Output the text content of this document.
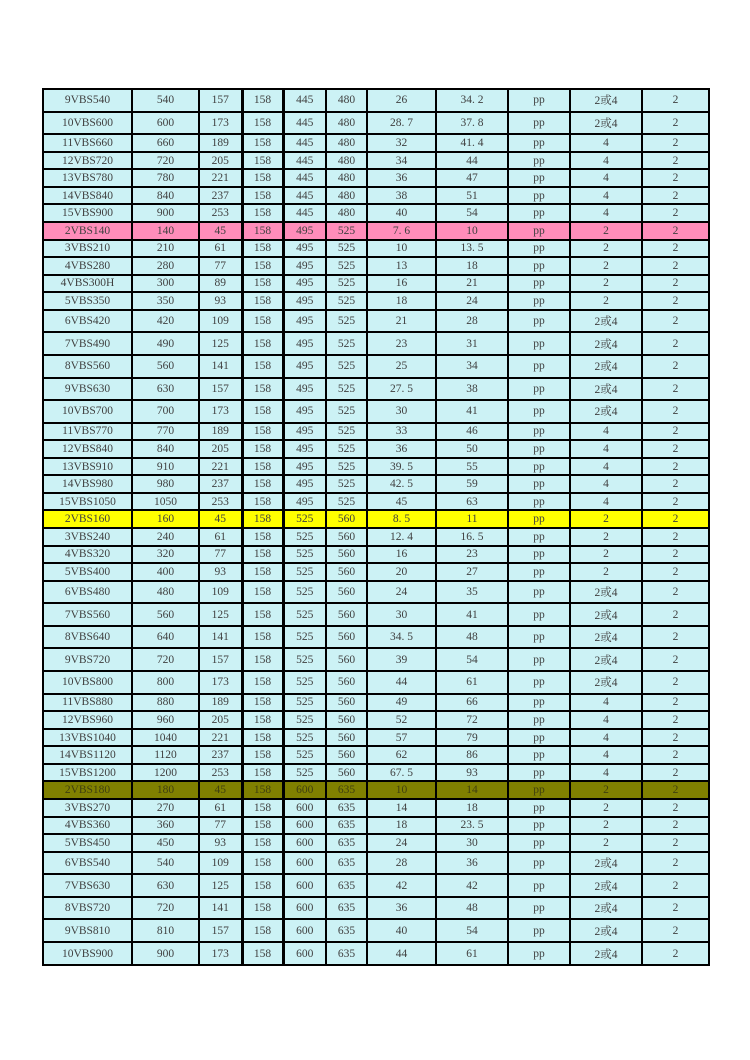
9VBS540	540	157	158	445	480	26	34. 2	pp	2或4	2
10VBS600	600	173	158	445	480	28. 7	37. 8	pp	2或4	2
11VBS660	660	189	158	445	480	32	41. 4	pp	4	2
12VBS720	720	205	158	445	480	34	44	pp	4	2
13VBS780	780	221	158	445	480	36	47	pp	4	2
14VBS840	840	237	158	445	480	38	51	pp	4	2
15VBS900	900	253	158	445	480	40	54	pp	4	2
2VBS140	140	45	158	495	525	7. 6	10	pp	2	2
3VBS210	210	61	158	495	525	10	13. 5	pp	2	2
4VBS280	280	77	158	495	525	13	18	pp	2	2
4VBS300H	300	89	158	495	525	16	21	pp	2	2
5VBS350	350	93	158	495	525	18	24	pp	2	2
6VBS420	420	109	158	495	525	21	28	pp	2或4	2
7VBS490	490	125	158	495	525	23	31	pp	2或4	2
8VBS560	560	141	158	495	525	25	34	pp	2或4	2
9VBS630	630	157	158	495	525	27. 5	38	pp	2或4	2
10VBS700	700	173	158	495	525	30	41	pp	2或4	2
11VBS770	770	189	158	495	525	33	46	pp	4	2
12VBS840	840	205	158	495	525	36	50	pp	4	2
13VBS910	910	221	158	495	525	39. 5	55	pp	4	2
14VBS980	980	237	158	495	525	42. 5	59	pp	4	2
15VBS1050	1050	253	158	495	525	45	63	pp	4	2
2VBS160	160	45	158	525	560	8. 5	11	pp	2	2
3VBS240	240	61	158	525	560	12. 4	16. 5	pp	2	2
4VBS320	320	77	158	525	560	16	23	pp	2	2
5VBS400	400	93	158	525	560	20	27	pp	2	2
6VBS480	480	109	158	525	560	24	35	pp	2或4	2
7VBS560	560	125	158	525	560	30	41	pp	2或4	2
8VBS640	640	141	158	525	560	34. 5	48	pp	2或4	2
9VBS720	720	157	158	525	560	39	54	pp	2或4	2
10VBS800	800	173	158	525	560	44	61	pp	2或4	2
11VBS880	880	189	158	525	560	49	66	pp	4	2
12VBS960	960	205	158	525	560	52	72	pp	4	2
13VBS1040	1040	221	158	525	560	57	79	pp	4	2
14VBS1120	1120	237	158	525	560	62	86	pp	4	2
15VBS1200	1200	253	158	525	560	67. 5	93	pp	4	2
2VBS180	180	45	158	600	635	10	14	pp	2	2
3VBS270	270	61	158	600	635	14	18	pp	2	2
4VBS360	360	77	158	600	635	18	23. 5	pp	2	2
5VBS450	450	93	158	600	635	24	30	pp	2	2
6VBS540	540	109	158	600	635	28	36	pp	2或4	2
7VBS630	630	125	158	600	635	42	42	pp	2或4	2
8VBS720	720	141	158	600	635	36	48	pp	2或4	2
9VBS810	810	157	158	600	635	40	54	pp	2或4	2
10VBS900	900	173	158	600	635	44	61	pp	2或4	2
